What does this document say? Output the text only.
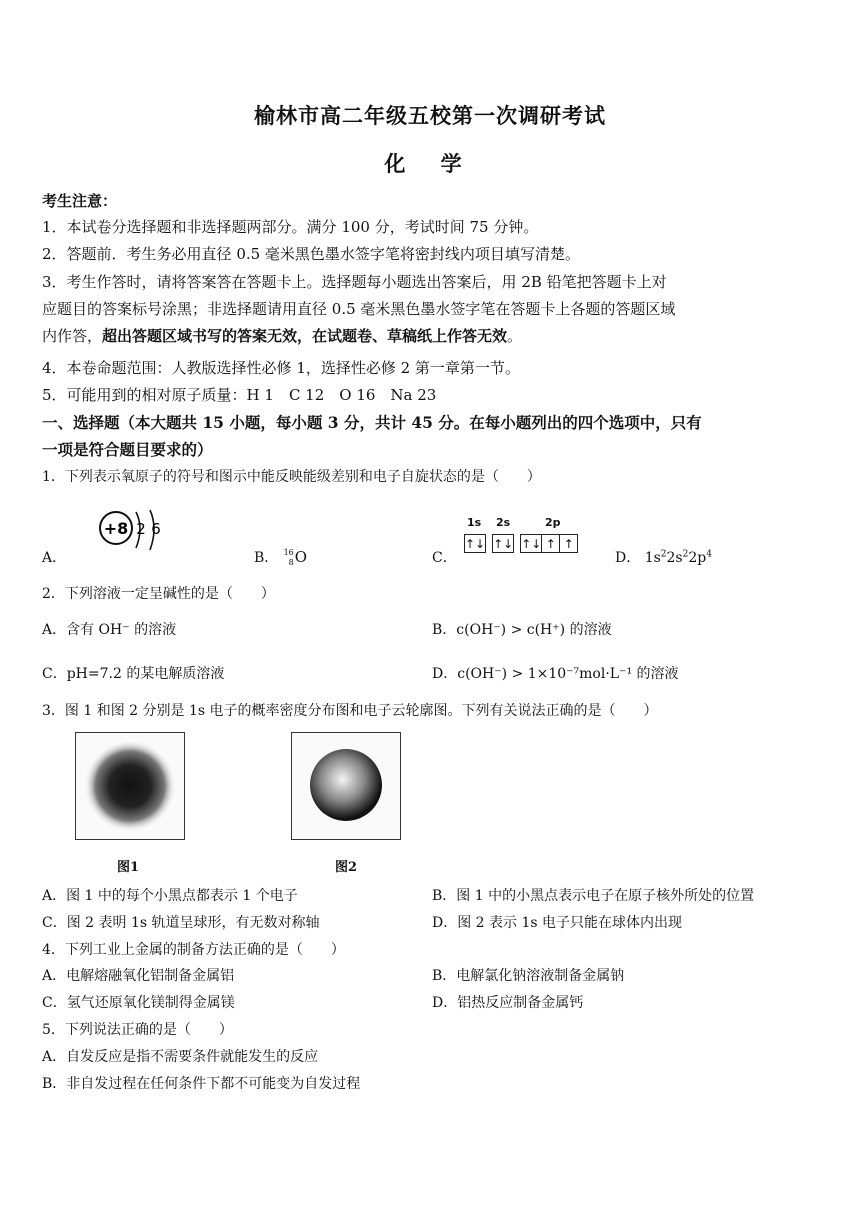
榆林市高二年级五校第一次调研考试
化 学
考生注意：
1．本试卷分选择题和非选择题两部分。满分 100 分，考试时间 75 分钟。
2．答题前．考生务必用直径 0.5 毫米黑色墨水签字笔将密封线内项目填写清楚。
3．考生作答时，请将答案答在答题卡上。选择题每小题选出答案后，用 2B 铅笔把答题卡上对
应题目的答案标号涂黑；非选择题请用直径 0.5 毫米黑色墨水签字笔在答题卡上各题的答题区域
内作答，超出答题区域书写的答案无效，在试题卷、草稿纸上作答无效。
4．本卷命题范围：人教版选择性必修 1，选择性必修 2 第一章第一节。
5．可能用到的相对原子质量：H 1　C 12　O 16　Na 23
一、选择题（本大题共 15 小题，每小题 3 分，共计 45 分。在每小题列出的四个选项中，只有
一项是符合题目要求的）
1．下列表示氧原子的符号和图示中能反映能级差别和电子自旋状态的是（　　）
A．
+8 2 6
B． 16
8 O	C．
1s 2s	2p
↑↓ ↑↓ ↑↓	↑	↑
D． $1s^22s^22p^4$
2．下列溶液一定呈碱性的是（　　）
A．含有 OH⁻ 的溶液	B．c(OH⁻) > c(H⁺) 的溶液
C．pH=7.2 的某电解质溶液	D．c(OH⁻) > 1×10⁻⁷mol·L⁻¹ 的溶液
3．图 1 和图 2 分别是 1s 电子的概率密度分布图和电子云轮廓图。下列有关说法正确的是（　　）
图1	图2
A．图 1 中的每个小黑点都表示 1 个电子	B．图 1 中的小黑点表示电子在原子核外所处的位置
C．图 2 表明 1s 轨道呈球形，有无数对称轴	D．图 2 表示 1s 电子只能在球体内出现
4．下列工业上金属的制备方法正确的是（　　）
A．电解熔融氧化铝制备金属铝	B．电解氯化钠溶液制备金属钠
C．氢气还原氧化镁制得金属镁	D．铝热反应制备金属钙
5．下列说法正确的是（　　）
A．自发反应是指不需要条件就能发生的反应
B．非自发过程在任何条件下都不可能变为自发过程
